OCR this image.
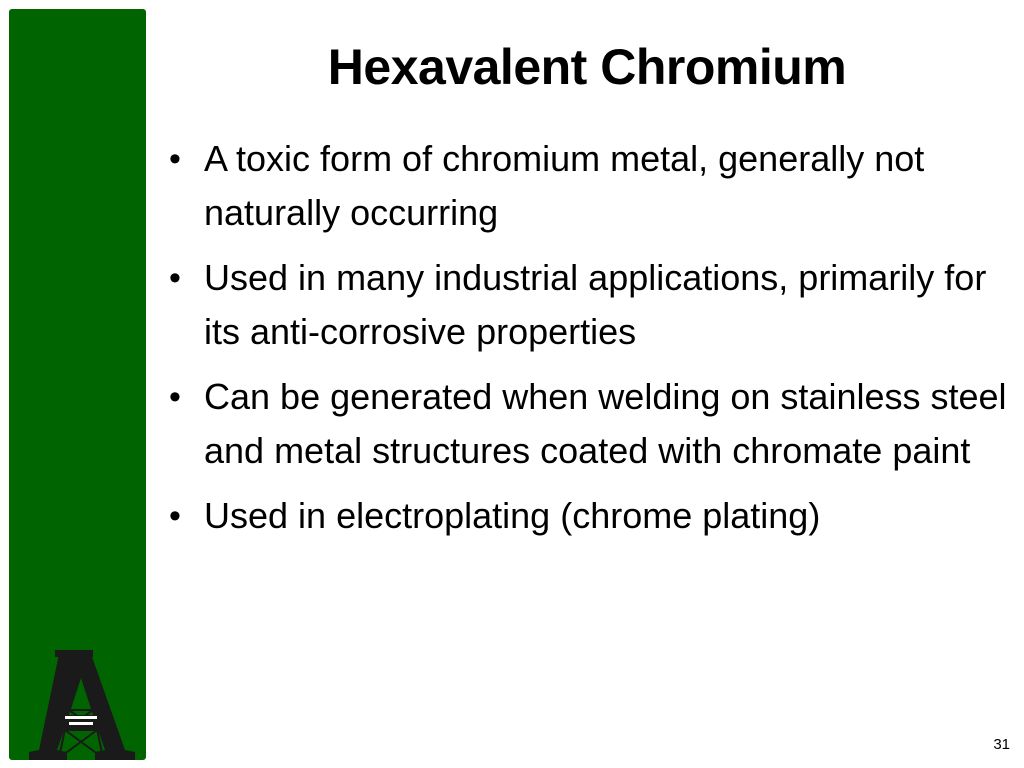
Hexavalent Chromium
• A toxic form of chromium metal, generally not naturally occurring
• Used in many industrial applications, primarily for its anti-corrosive properties
• Can be generated when welding on stainless steel and metal structures coated with chromate paint
• Used in electroplating (chrome plating)
31
